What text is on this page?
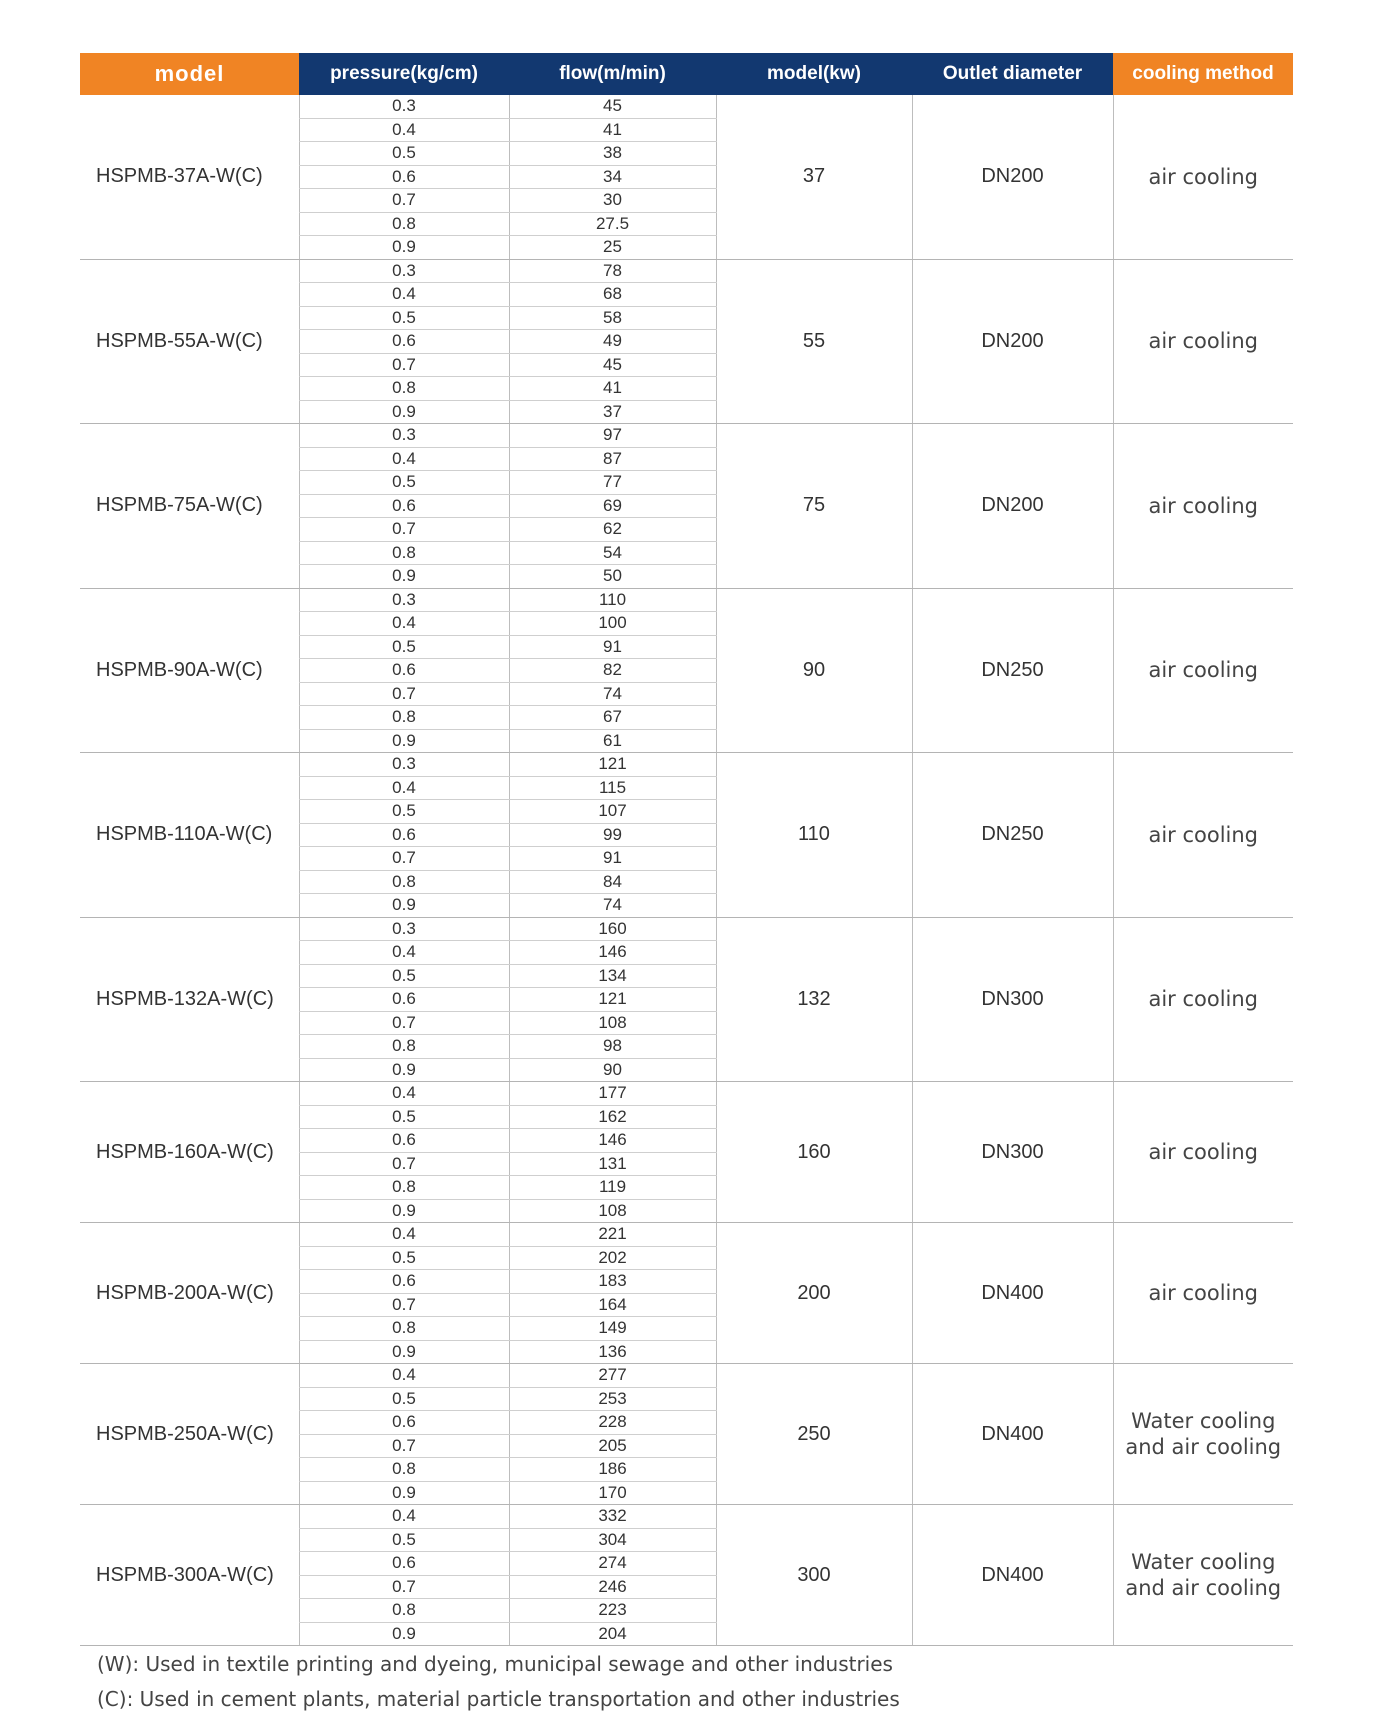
model	pressure(kg/cm)	flow(m/min)	model(kw)	Outlet diameter	cooling method
HSPMB-37A-W(C)	0.3	45	37	DN200	air cooling
	0.4	41			
	0.5	38			
	0.6	34			
	0.7	30			
	0.8	27.5			
	0.9	25			
HSPMB-55A-W(C)	0.3	78	55	DN200	air cooling
	0.4	68			
	0.5	58			
	0.6	49			
	0.7	45			
	0.8	41			
	0.9	37			
HSPMB-75A-W(C)	0.3	97	75	DN200	air cooling
	0.4	87			
	0.5	77			
	0.6	69			
	0.7	62			
	0.8	54			
	0.9	50			
HSPMB-90A-W(C)	0.3	110	90	DN250	air cooling
	0.4	100			
	0.5	91			
	0.6	82			
	0.7	74			
	0.8	67			
	0.9	61			
HSPMB-110A-W(C)	0.3	121	110	DN250	air cooling
	0.4	115			
	0.5	107			
	0.6	99			
	0.7	91			
	0.8	84			
	0.9	74			
HSPMB-132A-W(C)	0.3	160	132	DN300	air cooling
	0.4	146			
	0.5	134			
	0.6	121			
	0.7	108			
	0.8	98			
	0.9	90			
HSPMB-160A-W(C)	0.4	177	160	DN300	air cooling
	0.5	162			
	0.6	146			
	0.7	131			
	0.8	119			
	0.9	108			
HSPMB-200A-W(C)	0.4	221	200	DN400	air cooling
	0.5	202			
	0.6	183			
	0.7	164			
	0.8	149			
	0.9	136			
HSPMB-250A-W(C)	0.4	277	250	DN400	Water cooling
and air cooling
	0.5	253			
	0.6	228			
	0.7	205			
	0.8	186			
	0.9	170			
HSPMB-300A-W(C)	0.4	332	300	DN400	Water cooling
and air cooling
	0.5	304			
	0.6	274			
	0.7	246			
	0.8	223			
	0.9	204			
(W): Used in textile printing and dyeing, municipal sewage and other industries
(C): Used in cement plants, material particle transportation and other industries
